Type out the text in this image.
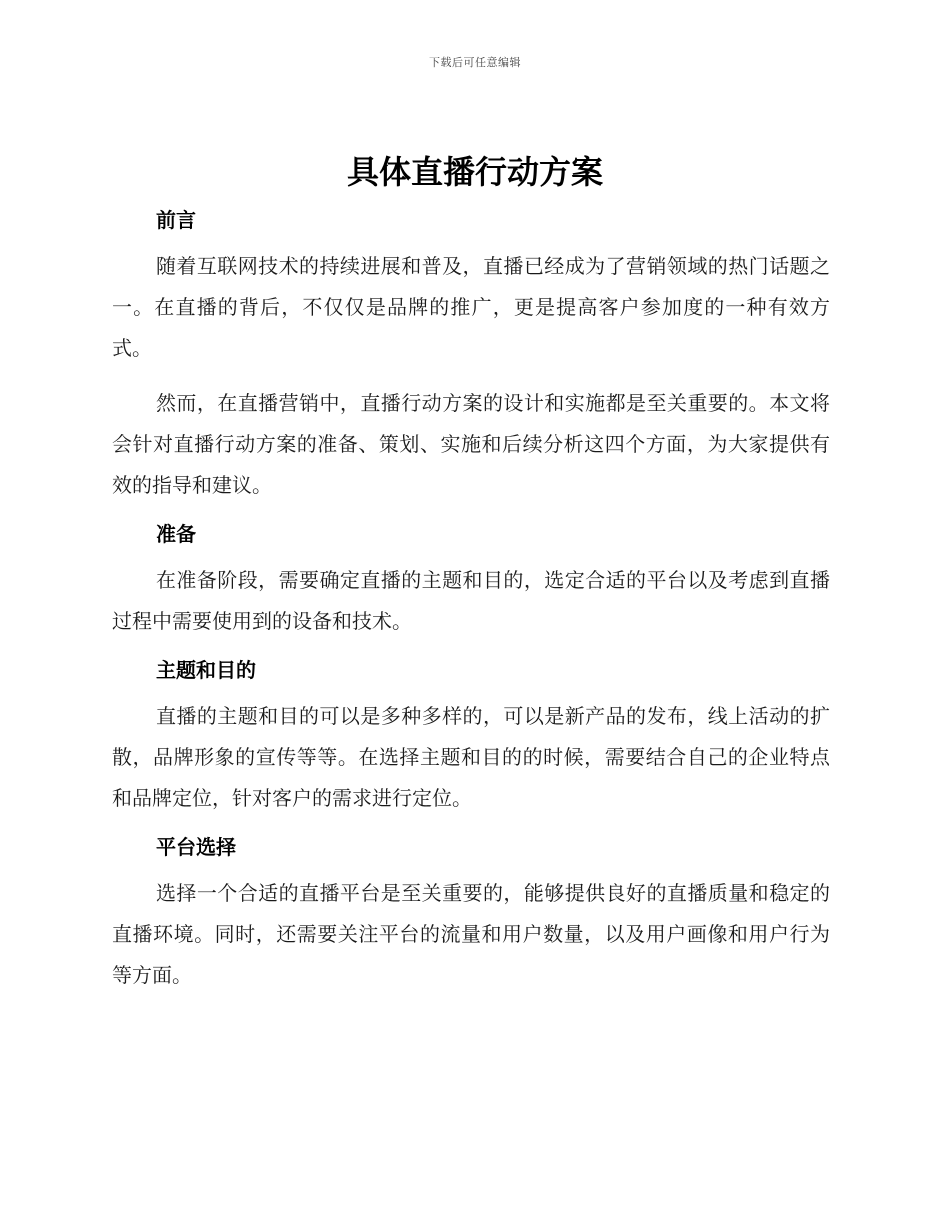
下载后可任意编辑
具体直播行动方案
前言

随着互联网技术的持续进展和普及，直播已经成为了营销领域的热门话题之一。在直播的背后，不仅仅是品牌的推广，更是提高客户参加度的一种有效方式。

然而，在直播营销中，直播行动方案的设计和实施都是至关重要的。本文将会针对直播行动方案的准备、策划、实施和后续分析这四个方面，为大家提供有效的指导和建议。

准备

在准备阶段，需要确定直播的主题和目的，选定合适的平台以及考虑到直播过程中需要使用到的设备和技术。

主题和目的

直播的主题和目的可以是多种多样的，可以是新产品的发布，线上活动的扩散，品牌形象的宣传等等。在选择主题和目的的时候，需要结合自己的企业特点和品牌定位，针对客户的需求进行定位。

平台选择

选择一个合适的直播平台是至关重要的，能够提供良好的直播质量和稳定的直播环境。同时，还需要关注平台的流量和用户数量，以及用户画像和用户行为等方面。
